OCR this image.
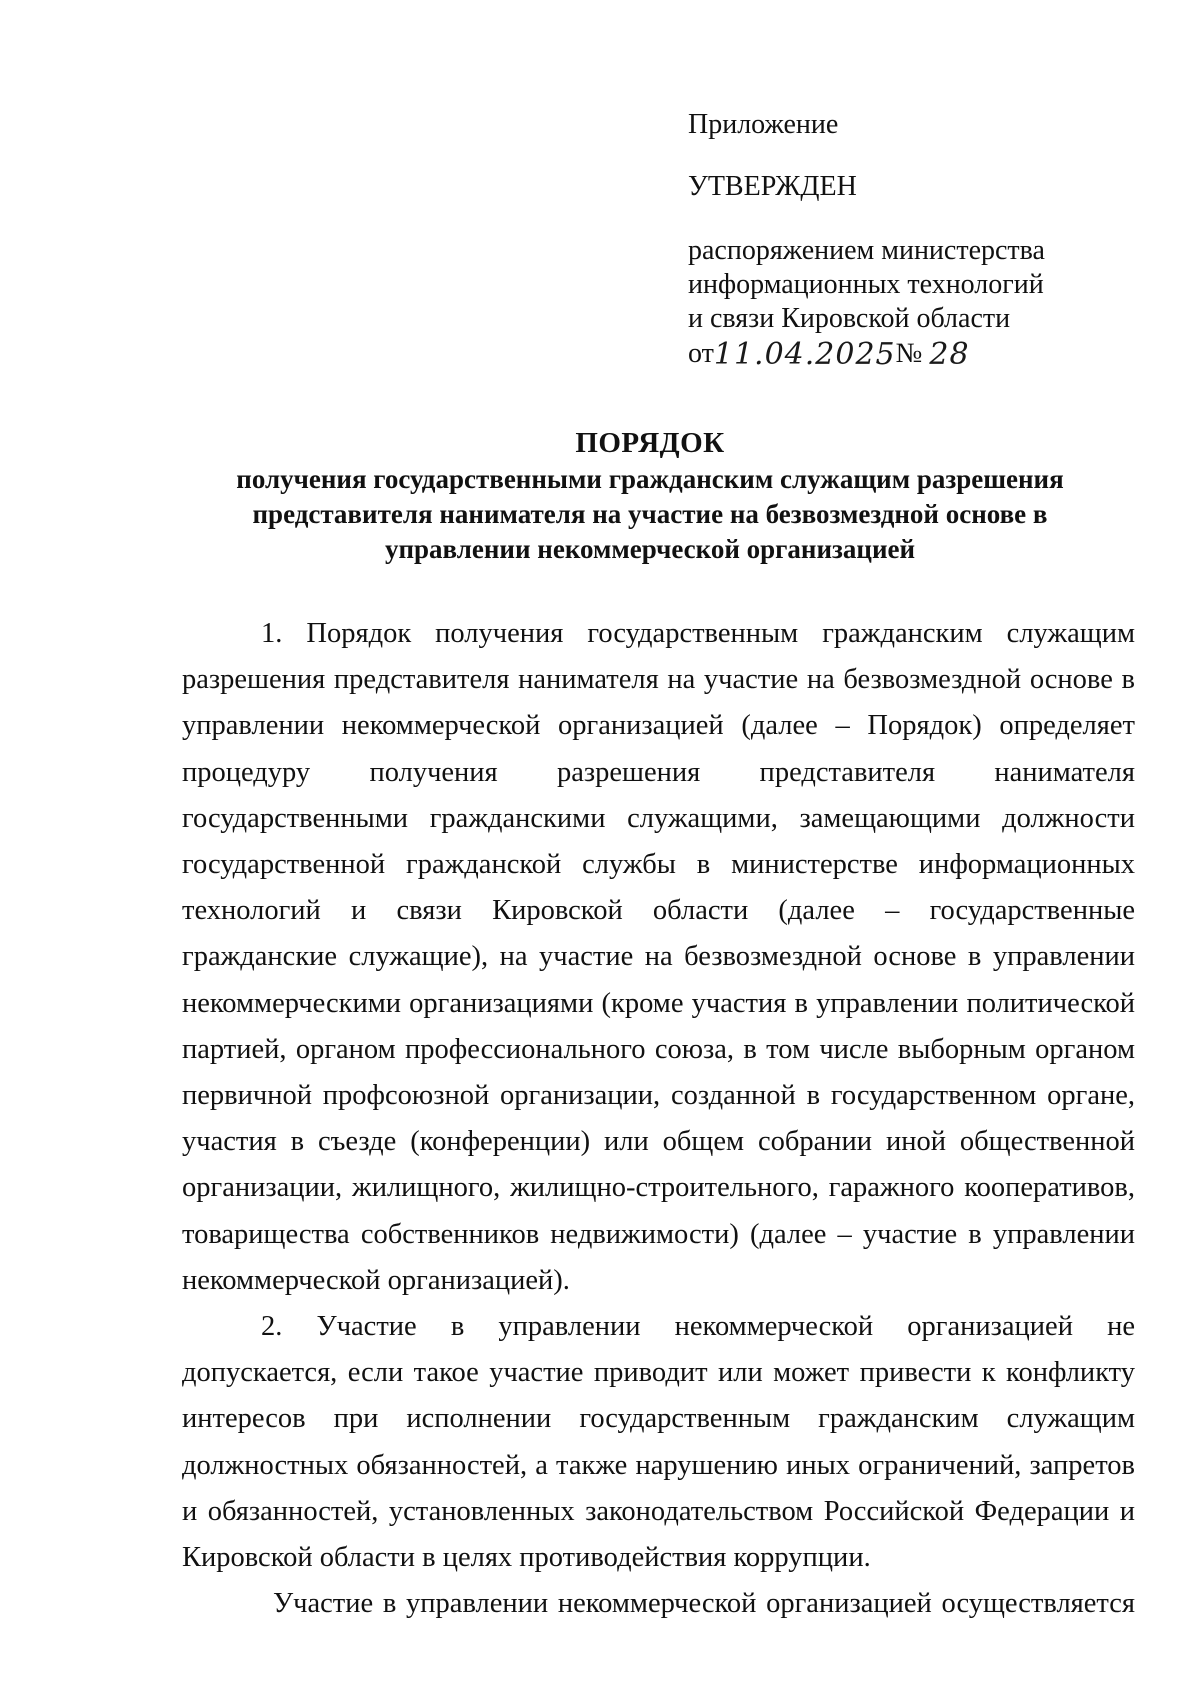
Приложение
УТВЕРЖДЕН
распоряжением министерства
информационных технологий
и связи Кировской области
от11.04.2025№ 28
ПОРЯДОК
получения государственными гражданским служащим разрешения
представителя нанимателя на участие на безвозмездной основе в
управлении некоммерческой организацией

1. Порядок получения государственным гражданским служащим разрешения представителя нанимателя на участие на безвозмездной основе в управлении некоммерческой организацией (далее – Порядок) определяет процедуру получения разрешения представителя нанимателя государственными гражданскими служащими, замещающими должности государственной гражданской службы в министерстве информационных технологий и связи Кировской области (далее – государственные гражданские служащие), на участие на безвозмездной основе в управлении некоммерческими организациями (кроме участия в управлении политической партией, органом профессионального союза, в том числе выборным органом первичной профсоюзной организации, созданной в государственном органе, участия в съезде (конференции) или общем собрании иной общественной организации, жилищного, жилищно-строительного, гаражного кооперативов, товарищества собственников недвижимости) (далее – участие в управлении некоммерческой организацией).

2. Участие в управлении некоммерческой организацией не допускается, если такое участие приводит или может привести к конфликту интересов при исполнении государственным гражданским служащим должностных обязанностей, а также нарушению иных ограничений, запретов и обязанностей, установленных законодательством Российской Федерации и Кировской области в целях противодействия коррупции.

Участие в управлении некоммерческой организацией осуществляется
